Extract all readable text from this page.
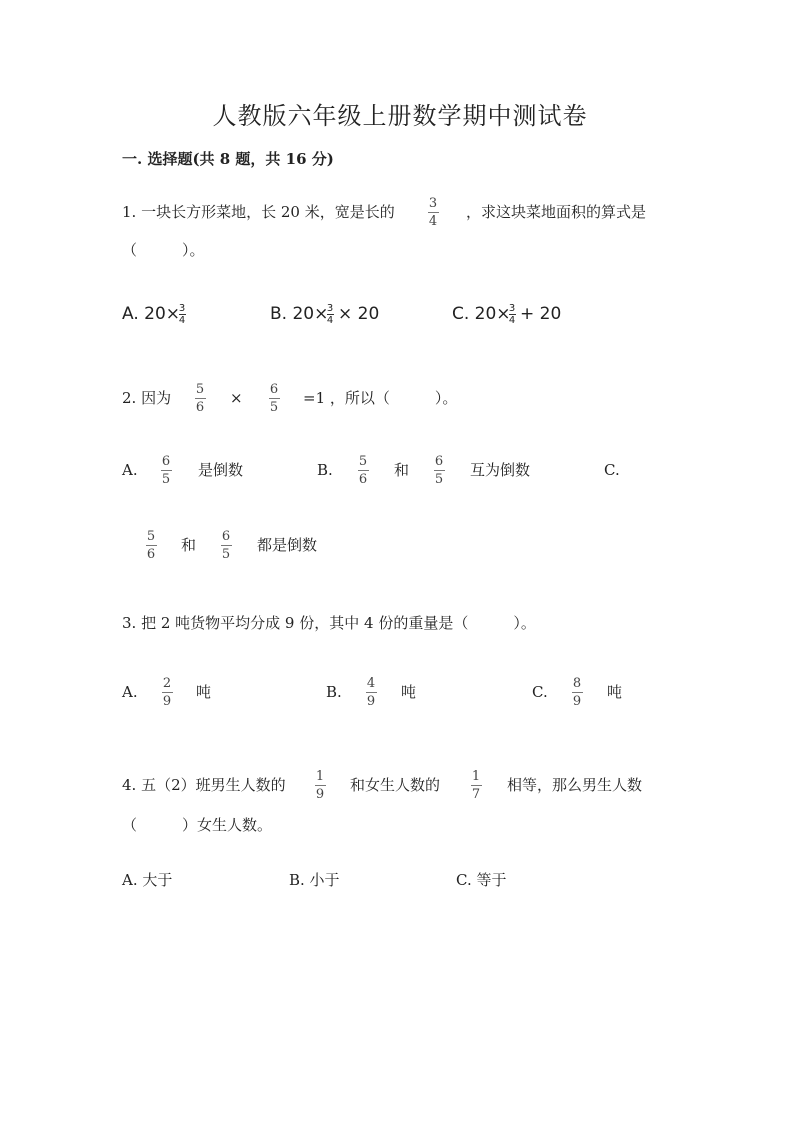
人教版六年级上册数学期中测试卷
一. 选择题(共 8 题，共 16 分)
1. 一块长方形菜地，长 20 米，宽是长的	3
4
，求这块菜地面积的算式是
（　　　）。
A. 20×
3
4	B. 20×
3
4 × 20	C. 20×
3
4 + 20
2. 因为 5
6
× 6
5
=1 ，所以（　　　）。
A. 6
5
是倒数	B. 5
6
和 6
5
互为倒数	C.
5
6
和 6
5
都是倒数
3. 把 2 吨货物平均分成 9 份，其中 4 份的重量是（　　　）。
A. 2
9
吨	B. 4
9
吨	C. 8
9
吨
4. 五（2）班男生人数的 1
9
和女生人数的 1
7
相等，那么男生人数
（　　　）女生人数。
A. 大于	B. 小于	C. 等于
